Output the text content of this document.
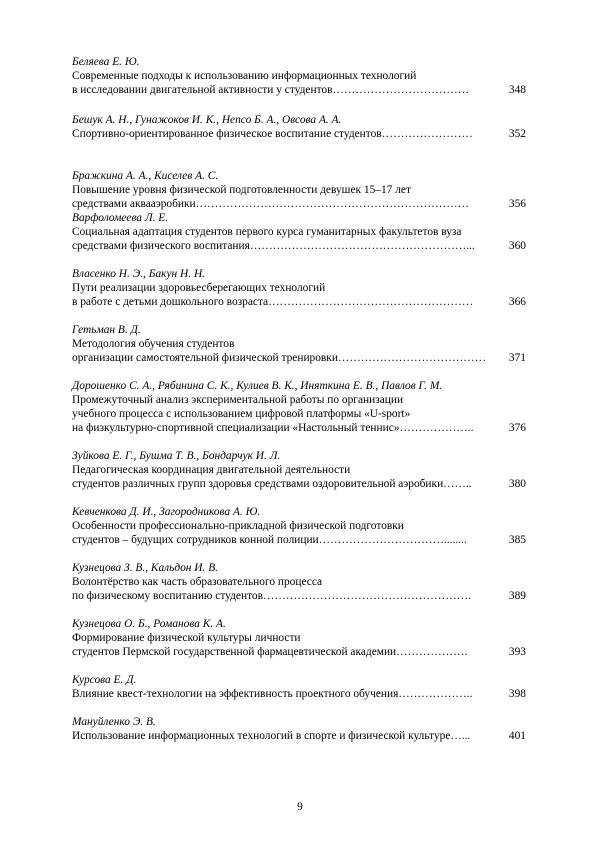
Беляева Е. Ю.
Современные подходы к использованию информационных технологий
в исследовании двигательной активности у студентов………………………………	348
Бешук А. Н., Гунажоков И. К., Непсо Б. А., Овсова А. А.
Спортивно-ориентированное физическое воспитание студентов……………………	352
Бражкина А. А., Киселев А. С.
Повышение уровня физической подготовленности девушек 15–17 лет
средствами аквааэробики………………………………………………………………	356
Варфоломеева Л. Е.
Социальная адаптация студентов первого курса гуманитарных факультетов вуза
средствами физического воспитания…………………………………………………...	360
Власенко Н. Э., Бакун Н. Н.
Пути реализации здоровьесберегающих технологий
в работе с детьми дошкольного возраста………………………………………………	366
Гетьман В. Д.
Методология обучения студентов
организации самостоятельной физической тренировки…………………………………	371
Дорошенко С. А., Рябинина С. К., Кулиев В. К., Иняткина Е. В., Павлов Г. М.
Промежуточный анализ экспериментальной работы по организации
учебного процесса с использованием цифровой платформы «U-sport»
на физкультурно-спортивной специализации «Настольный теннис»………………..	376
Зуйкова Е. Г., Бушма Т. В., Бондарчук И. Л.
Педагогическая координация двигательной деятельности
студентов различных групп здоровья средствами оздоровительной аэробики……..	380
Кевченкова Д. И., Загородникова А. Ю.
Особенности профессионально-прикладной физической подготовки
студентов – будущих сотрудников конной полиции……………………………........	385
Кузнецова З. В., Кальдон И. В.
Волонтёрство как часть образовательного процесса
по физическому воспитанию студентов……………………………………………….	389
Кузнецова О. Б., Романова К. А.
Формирование физической культуры личности
студентов Пермской государственной фармацевтической академии……………….	393
Курсова Е. Д.
Влияние квест-технологии на эффективность проектного обучения………………..	398
Мануйленко Э. В.
Использование информационных технологий в спорте и физической культуре…...	401
9
